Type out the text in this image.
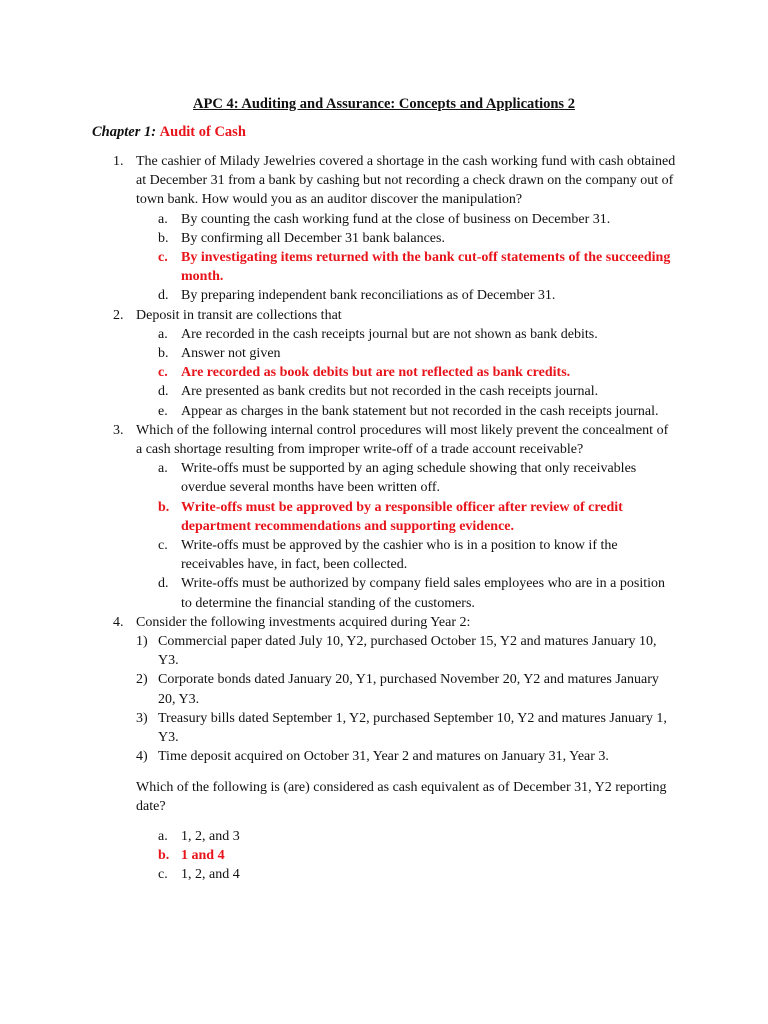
APC 4: Auditing and Assurance: Concepts and Applications 2
Chapter 1: Audit of Cash
1. The cashier of Milady Jewelries covered a shortage in the cash working fund with cash obtained at December 31 from a bank by cashing but not recording a check drawn on the company out of town bank. How would you as an auditor discover the manipulation?
a. By counting the cash working fund at the close of business on December 31.
b. By confirming all December 31 bank balances.
c. By investigating items returned with the bank cut-off statements of the succeeding month.
d. By preparing independent bank reconciliations as of December 31.
2. Deposit in transit are collections that
a. Are recorded in the cash receipts journal but are not shown as bank debits.
b. Answer not given
c. Are recorded as book debits but are not reflected as bank credits.
d. Are presented as bank credits but not recorded in the cash receipts journal.
e. Appear as charges in the bank statement but not recorded in the cash receipts journal.
3. Which of the following internal control procedures will most likely prevent the concealment of a cash shortage resulting from improper write-off of a trade account receivable?
a. Write-offs must be supported by an aging schedule showing that only receivables overdue several months have been written off.
b. Write-offs must be approved by a responsible officer after review of credit department recommendations and supporting evidence.
c. Write-offs must be approved by the cashier who is in a position to know if the receivables have, in fact, been collected.
d. Write-offs must be authorized by company field sales employees who are in a position to determine the financial standing of the customers.
4. Consider the following investments acquired during Year 2:
1) Commercial paper dated July 10, Y2, purchased October 15, Y2 and matures January 10, Y3.
2) Corporate bonds dated January 20, Y1, purchased November 20, Y2 and matures January 20, Y3.
3) Treasury bills dated September 1, Y2, purchased September 10, Y2 and matures January 1, Y3.
4) Time deposit acquired on October 31, Year 2 and matures on January 31, Year 3.
Which of the following is (are) considered as cash equivalent as of December 31, Y2 reporting date?
a. 1, 2, and 3
b. 1 and 4
c. 1, 2, and 4
